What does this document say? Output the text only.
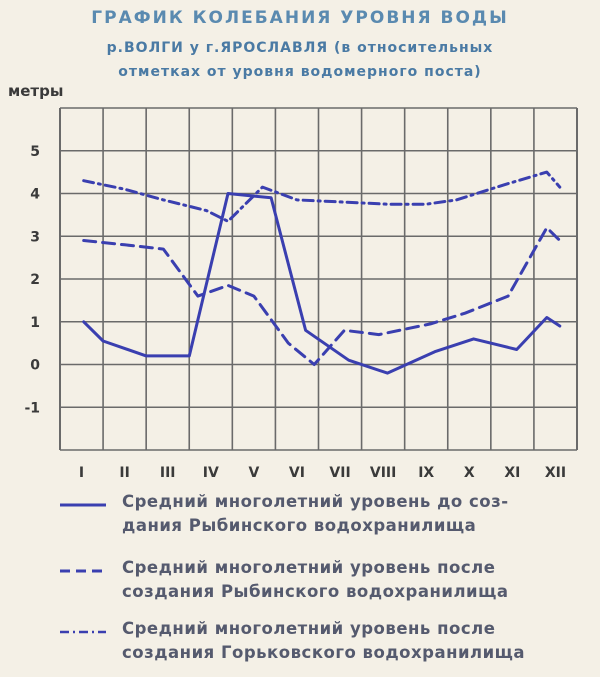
ГРАФИК КОЛЕБАНИЯ УРОВНЯ ВОДЫ
р.ВОЛГИ у г.ЯРОСЛАВЛЯ (в относительных
отметках от уровня водомерного поста)
метры
5
4
3
2
1
0
-1
I	II III IV V VI VII VIII IX X XI XII
Средний многолетний уровень до соз-
дания Рыбинского водохранилища
Средний многолетний уровень после
создания Рыбинского водохранилища
Средний многолетний уровень после
создания Горьковского водохранилища
